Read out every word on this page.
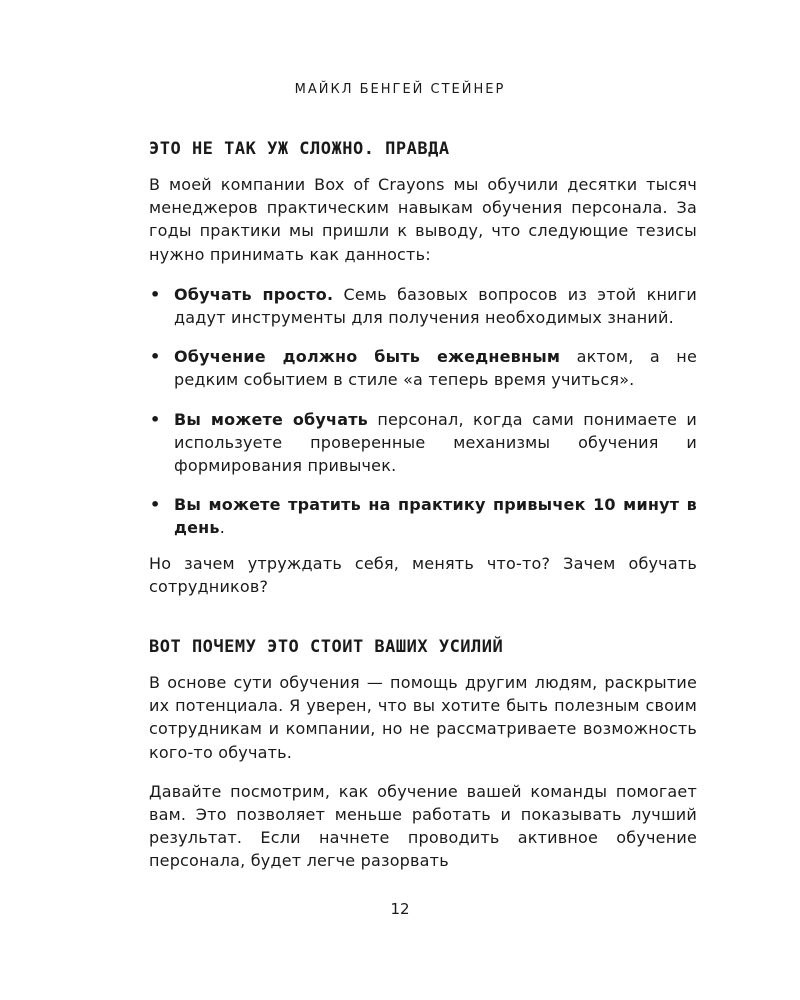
МАЙКЛ БЕНГЕЙ СТЕЙНЕР
ЭТО НЕ ТАК УЖ СЛОЖНО. ПРАВДА

В моей компании Box of Crayons мы обучили десятки тысяч менеджеров практическим навыкам обучения персонала. За годы практики мы пришли к выводу, что следующие тезисы нужно принимать как данность:

• Обучать просто. Семь базовых вопросов из этой книги дадут инструменты для получения необходимых знаний.
• Обучение должно быть ежедневным актом, а не редким событием в стиле «а теперь время учиться».
• Вы можете обучать персонал, когда сами понимаете и используете проверенные механизмы обучения и формирования привычек.
• Вы можете тратить на практику привычек 10 минут в день.

Но зачем утруждать себя, менять что-то? Зачем обучать сотрудников?

ВОТ ПОЧЕМУ ЭТО СТОИТ ВАШИХ УСИЛИЙ

В основе сути обучения — помощь другим людям, раскрытие их потенциала. Я уверен, что вы хотите быть полезным своим сотрудникам и компании, но не рассматриваете возможность кого-то обучать.

Давайте посмотрим, как обучение вашей команды помогает вам. Это позволяет меньше работать и показывать лучший результат. Если начнете проводить активное обучение персонала, будет легче разорвать

12
